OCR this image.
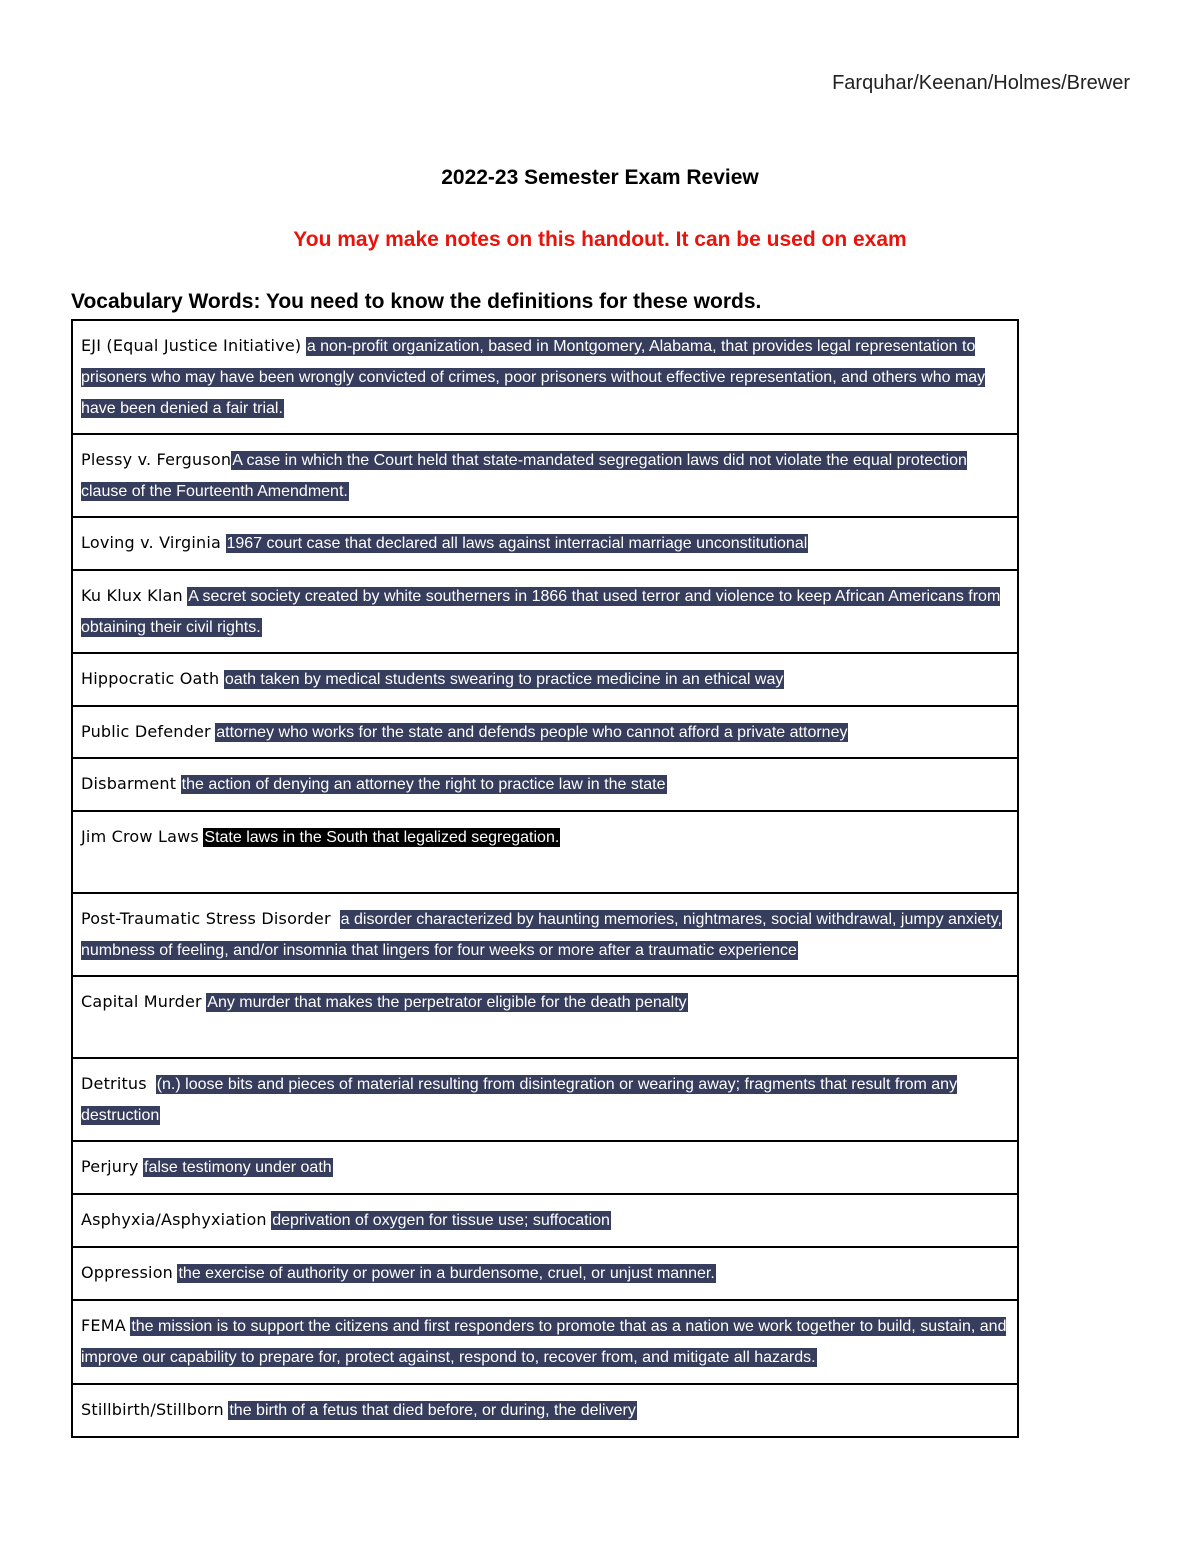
Farquhar/Keenan/Holmes/Brewer
2022-23 Semester Exam Review
You may make notes on this handout. It can be used on exam
Vocabulary Words: You need to know the definitions for these words.
EJI (Equal Justice Initiative) a non-profit organization, based in Montgomery, Alabama, that provides legal representation to prisoners who may have been wrongly convicted of crimes, poor prisoners without effective representation, and others who may have been denied a fair trial.
Plessy v. FergusonA case in which the Court held that state-mandated segregation laws did not violate the equal protection clause of the Fourteenth Amendment.
Loving v. Virginia 1967 court case that declared all laws against interracial marriage unconstitutional
Ku Klux Klan A secret society created by white southerners in 1866 that used terror and violence to keep African Americans from obtaining their civil rights.
Hippocratic Oath oath taken by medical students swearing to practice medicine in an ethical way
Public Defender attorney who works for the state and defends people who cannot afford a private attorney
Disbarment the action of denying an attorney the right to practice law in the state
Jim Crow Laws State laws in the South that legalized segregation.
Post-Traumatic Stress Disorder a disorder characterized by haunting memories, nightmares, social withdrawal, jumpy anxiety, numbness of feeling, and/or insomnia that lingers for four weeks or more after a traumatic experience
Capital Murder Any murder that makes the perpetrator eligible for the death penalty
Detritus (n.) loose bits and pieces of material resulting from disintegration or wearing away; fragments that result from any destruction
Perjury false testimony under oath
Asphyxia/Asphyxiation deprivation of oxygen for tissue use; suffocation
Oppression the exercise of authority or power in a burdensome, cruel, or unjust manner.
FEMA the mission is to support the citizens and first responders to promote that as a nation we work together to build, sustain, and improve our capability to prepare for, protect against, respond to, recover from, and mitigate all hazards.
Stillbirth/Stillborn the birth of a fetus that died before, or during, the delivery
